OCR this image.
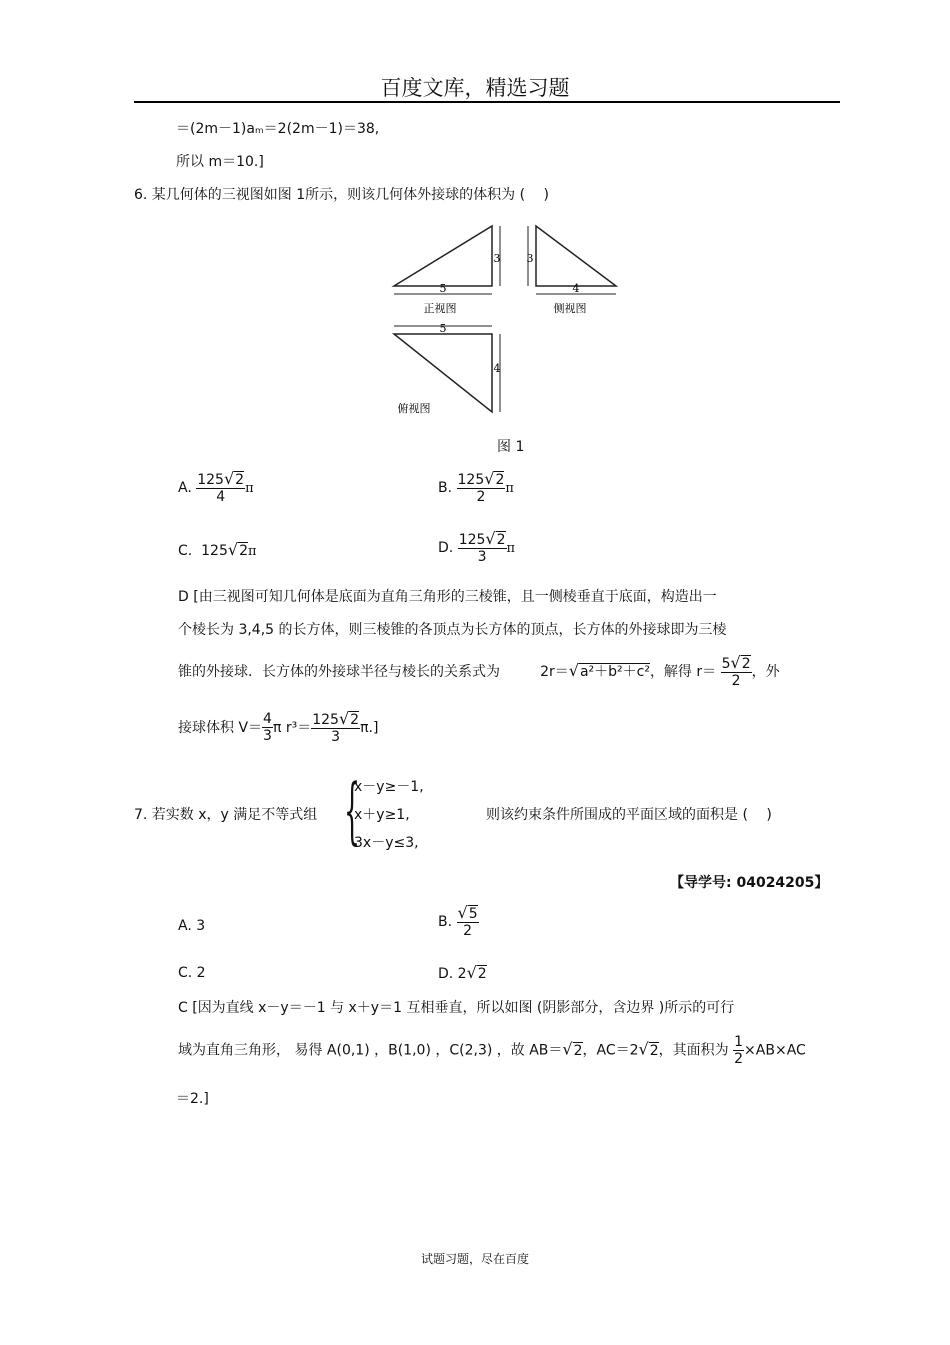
百度文库，精选习题
＝(2m－1)aₘ＝2(2m－1)＝38,
所以 m＝10.]
6. 某几何体的三视图如图 1所示，则该几何体外接球的体积为 (　 )
5
3
正视图
3
4
侧视图
5
4
俯视图
图 1
A. $\frac{125√2}{4}$ π	B. $\frac{125√2}{2}$ π
C. 125√2π	D. $\frac{125√2}{3}$ π
D [由三视图可知几何体是底面为直角三角形的三棱锥，且一侧棱垂直于底面，构造出一
个棱长为 3,4,5 的长方体，则三棱锥的各顶点为长方体的顶点，长方体的外接球即为三棱
锥的外接球．长方体的外接球半径与棱长的关系式为	2r＝√a²＋b²＋c²，解得 $r= \frac{5√2}{2}$ ，外
接球体积 $V= \frac{4}{3}$ π $r^3= \frac{125√2}{3} \pi$.]
7. 若实数 x，y 满足不等式组 {
x－y≥－1,
x＋y≥1,
3x－y≤3,
则该约束条件所围成的平面区域的面积是 (　 )
【导学号: 04024205】
A. 3	B. $\frac{√5}{2}$
C. 2	D. 2√2
C [因为直线 x－y＝－1 与 x＋y＝1 互相垂直，所以如图 (阴影部分，含边界 )所示的可行
域为直角三角形， 易得 A(0,1) ，B(1,0) ，C(2,3) ，故 AB＝√2，AC＝2√2，其面积为 $\frac{1}{2} \times AB\times AC$
＝2.]
试题习题，尽在百度
